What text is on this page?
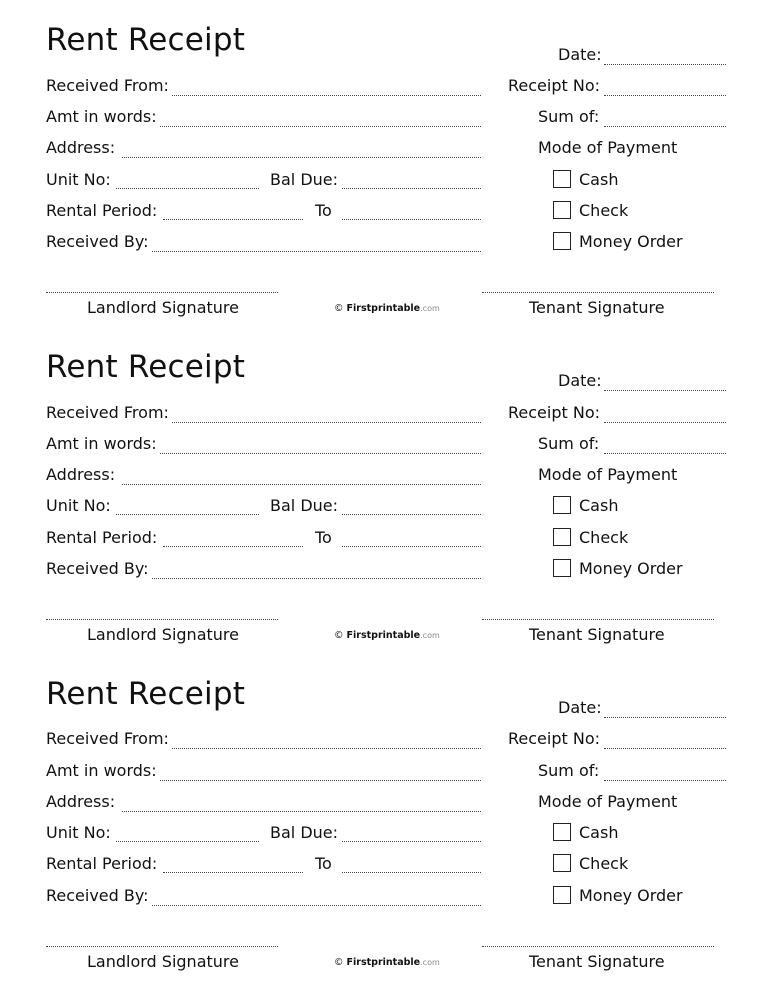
Rent Receipt	Date:
Received From:	Receipt No:
Amt in words:	Sum of:
Address:	Mode of Payment
Unit No:	Bal Due:	Cash
Rental Period:	To	Check
Received By:	Money Order
Landlord Signature	© Firstprintable.com	Tenant Signature
Rent Receipt	Date:
Received From:	Receipt No:
Amt in words:	Sum of:
Address:	Mode of Payment
Unit No:	Bal Due:	Cash
Rental Period:	To	Check
Received By:	Money Order
Landlord Signature	© Firstprintable.com	Tenant Signature
Rent Receipt	Date:
Received From:	Receipt No:
Amt in words:	Sum of:
Address:	Mode of Payment
Unit No:	Bal Due:	Cash
Rental Period:	To	Check
Received By:	Money Order
Landlord Signature	© Firstprintable.com	Tenant Signature
